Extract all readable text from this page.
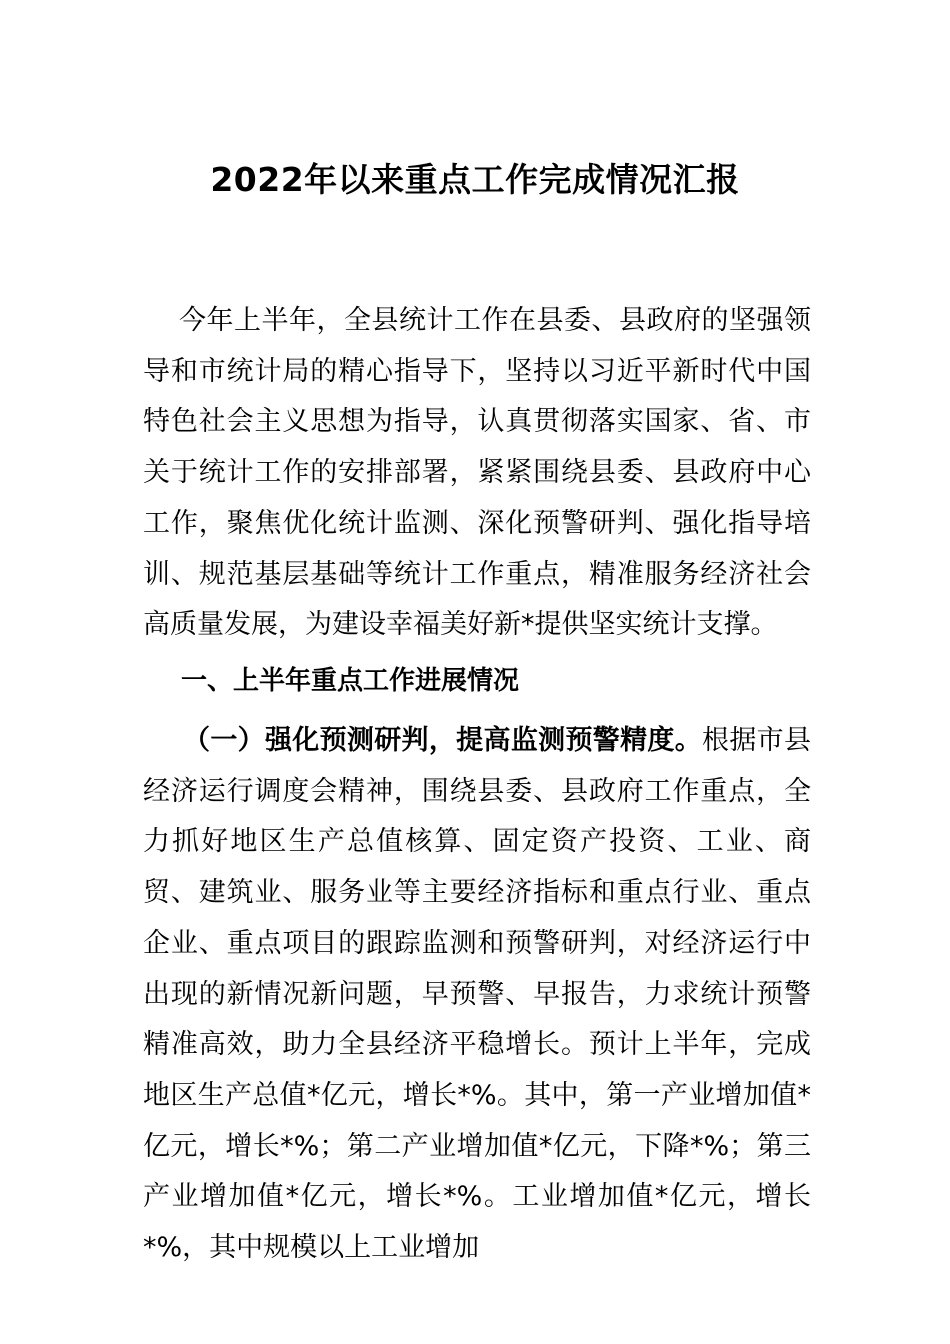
2022年以来重点工作完成情况汇报

今年上半年，全县统计工作在县委、县政府的坚强领导和市统计局的精心指导下，坚持以习近平新时代中国特色社会主义思想为指导，认真贯彻落实国家、省、市关于统计工作的安排部署，紧紧围绕县委、县政府中心工作，聚焦优化统计监测、深化预警研判、强化指导培训、规范基层基础等统计工作重点，精准服务经济社会高质量发展，为建设幸福美好新*提供坚实统计支撑。

一、上半年重点工作进展情况

（一）强化预测研判，提高监测预警精度。根据市县经济运行调度会精神，围绕县委、县政府工作重点，全力抓好地区生产总值核算、固定资产投资、工业、商贸、建筑业、服务业等主要经济指标和重点行业、重点企业、重点项目的跟踪监测和预警研判，对经济运行中出现的新情况新问题，早预警、早报告，力求统计预警精准高效，助力全县经济平稳增长。预计上半年，完成地区生产总值*亿元，增长*%。其中，第一产业增加值*亿元，增长*%；第二产业增加值*亿元，下降*%；第三产业增加值*亿元，增长*%。工业增加值*亿元，增长*%，其中规模以上工业增加
